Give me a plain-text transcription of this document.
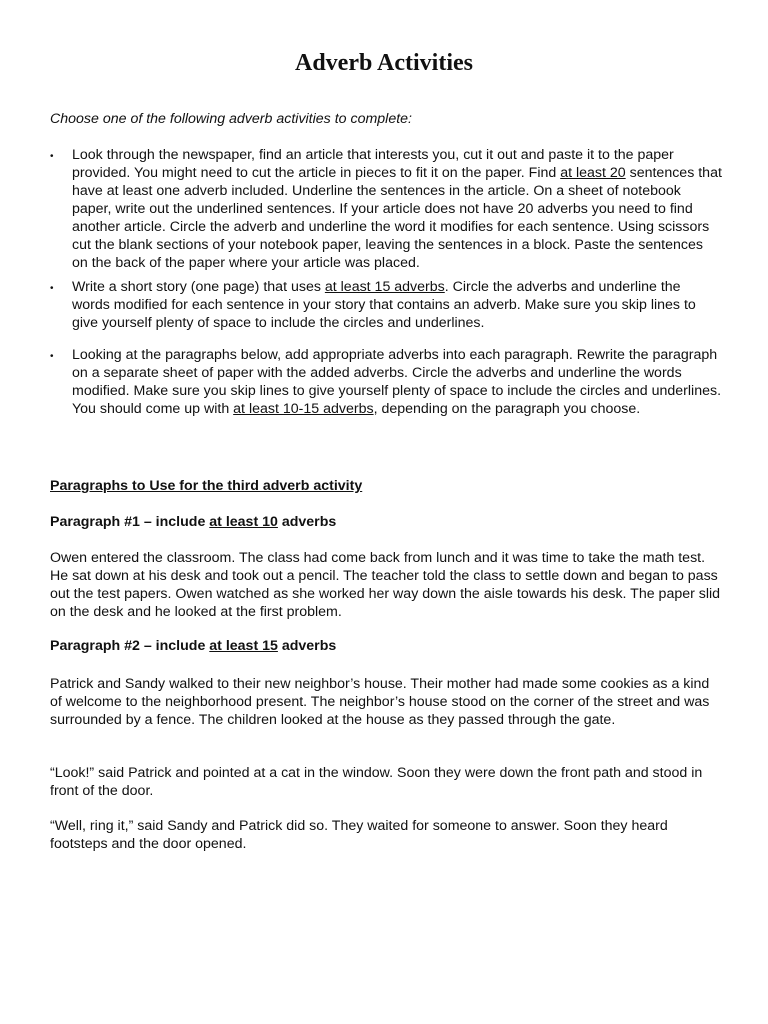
Adverb Activities

Choose one of the following adverb activities to complete:

• Look through the newspaper, find an article that interests you, cut it out and paste it to the paper provided. You might need to cut the article in pieces to fit it on the paper. Find at least 20 sentences that have at least one adverb included. Underline the sentences in the article. On a sheet of notebook paper, write out the underlined sentences. If your article does not have 20 adverbs you need to find another article. Circle the adverb and underline the word it modifies for each sentence. Using scissors cut the blank sections of your notebook paper, leaving the sentences in a block. Paste the sentences on the back of the paper where your article was placed.
• Write a short story (one page) that uses at least 15 adverbs. Circle the adverbs and underline the words modified for each sentence in your story that contains an adverb. Make sure you skip lines to give yourself plenty of space to include the circles and underlines.
• Looking at the paragraphs below, add appropriate adverbs into each paragraph. Rewrite the paragraph on a separate sheet of paper with the added adverbs. Circle the adverbs and underline the words modified. Make sure you skip lines to give yourself plenty of space to include the circles and underlines. You should come up with at least 10-15 adverbs, depending on the paragraph you choose.

Paragraphs to Use for the third adverb activity

Paragraph #1 – include at least 10 adverbs

Owen entered the classroom. The class had come back from lunch and it was time to take the math test. He sat down at his desk and took out a pencil. The teacher told the class to settle down and began to pass out the test papers. Owen watched as she worked her way down the aisle towards his desk. The paper slid on the desk and he looked at the first problem.

Paragraph #2 – include at least 15 adverbs

Patrick and Sandy walked to their new neighbor’s house. Their mother had made some cookies as a kind of welcome to the neighborhood present. The neighbor’s house stood on the corner of the street and was surrounded by a fence. The children looked at the house as they passed through the gate.

“Look!” said Patrick and pointed at a cat in the window. Soon they were down the front path and stood in front of the door.

“Well, ring it,” said Sandy and Patrick did so. They waited for someone to answer. Soon they heard footsteps and the door opened.
